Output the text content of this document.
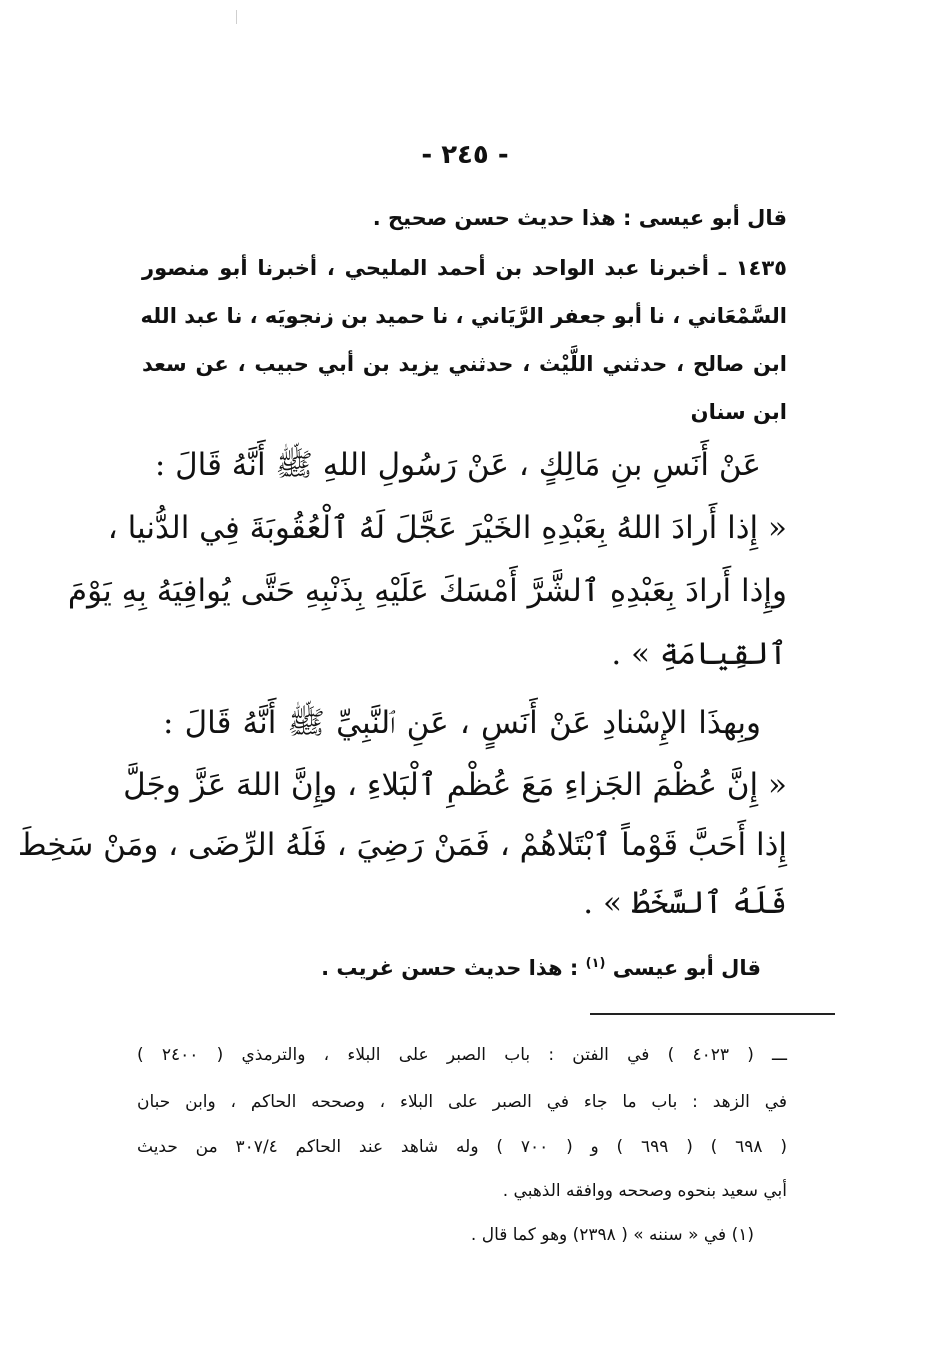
- ٢٤٥ -
قال أبو عيسى : هذا حديث حسن صحيح .
١٤٣٥ ـ أخبرنا عبد الواحد بن أحمد المليحي ، أخبرنا أبو منصور
السَّمْعَاني ، نا أبو جعفر الرَّيَاني ، نا حميد بن زنجويَه ، نا عبد الله
ابن صالح ، حدثني اللَّيْث ، حدثني يزيد بن أبي حبيب ، عن سعد
ابن سنان
عَنْ أَنَسِ بنِ مَالِكٍ ، عَنْ رَسُولِ اللهِ ﷺ أَنَّهُ قَالَ :
« إِذا أَرادَ اللهُ بِعَبْدِهِ الخَيْرَ عَجَّلَ لَهُ ٱلْعُقُوبَةَ فِي الدُّنيا ،
وإِذا أَرادَ بِعَبْدِهِ ٱلشَّرَّ أَمْسَكَ عَلَيْهِ بِذَنْبِهِ حَتَّى يُوافِيَهُ بِهِ يَوْمَ
ٱلقِيامَةِ » .
وبِهذَا الإِسْنادِ عَنْ أَنَسٍ ، عَنِ ٱلنَّبِيِّ ﷺ أَنَّهُ قَالَ :
« إِنَّ عُظْمَ الجَزاءِ مَعَ عُظْمِ ٱلْبَلاءِ ، وإِنَّ اللهَ عَزَّ وجَلَّ
إِذا أَحَبَّ قَوْماً ٱبْتَلاهُمْ ، فَمَنْ رَضِيَ ، فَلَهُ الرِّضَى ، ومَنْ سَخِطَ
فَلَهُ ٱلسَّخَطُ » .
قال أبو عيسى $^{(١)}$ : هذا حديث حسن غريب .
ـــ ( ٤٠٢٣ ) في الفتن : باب الصبر على البلاء ، والترمذي ( ٢٤٠٠ )
في الزهد : باب ما جاء في الصبر على البلاء ، وصححه الحاكم ، وابن حبان
( ٦٩٨ ) ( ٦٩٩ ) و ( ٧٠٠ ) وله شاهد عند الحاكم ٣٠٧/٤ من حديث
أبي سعيد بنحوه وصححه ووافقه الذهبي .
(١) في « سننه » ( ٢٣٩٨) وهو كما قال .
